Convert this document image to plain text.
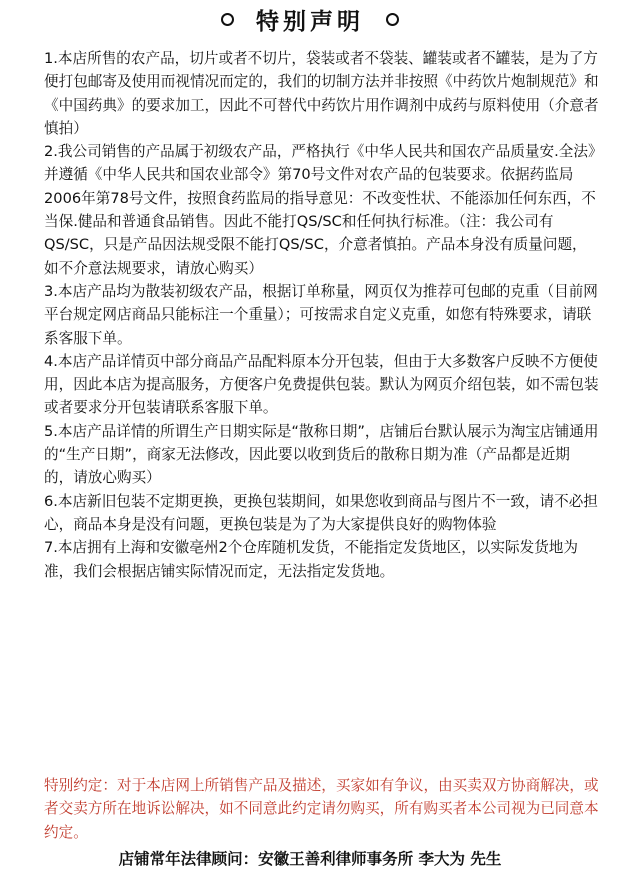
特别声明

1.本店所售的农产品，切片或者不切片，袋装或者不袋装、罐装或者不罐装，是为了方便打包邮寄及使用而视情况而定的，我们的切制方法并非按照《中药饮片炮制规范》和《中国药典》的要求加工，因此不可替代中药饮片用作调剂中成药与原料使用（介意者慎拍）

2.我公司销售的产品属于初级农产品，严格执行《中华人民共和国农产品质量安.全法》并遵循《中华人民共和国农业部令》第70号文件对农产品的包装要求。依据药监局2006年第78号文件，按照食药监局的指导意见：不改变性状、不能添加任何东西，不当保.健品和普通食品销售。因此不能打QS/SC和任何执行标准。（注：我公司有QS/SC，只是产品因法规受限不能打QS/SC，介意者慎拍。产品本身没有质量问题，如不介意法规要求，请放心购买）

3.本店产品均为散装初级农产品，根据订单称量，网页仅为推荐可包邮的克重（目前网平台规定网店商品只能标注一个重量）；可按需求自定义克重，如您有特殊要求，请联系客服下单。

4.本店产品详情页中部分商品产品配料原本分开包装，但由于大多数客户反映不方便使用，因此本店为提高服务，方便客户免费提供包装。默认为网页介绍包装，如不需包装或者要求分开包装请联系客服下单。

5.本店产品详情的所谓生产日期实际是“散称日期”，店铺后台默认展示为淘宝店铺通用的“生产日期”，商家无法修改，因此要以收到货后的散称日期为准（产品都是近期的，请放心购买）

6.本店新旧包装不定期更换，更换包装期间，如果您收到商品与图片不一致，请不必担心，商品本身是没有问题，更换包装是为了为大家提供良好的购物体验

7.本店拥有上海和安徽亳州2个仓库随机发货，不能指定发货地区，以实际发货地为准，我们会根据店铺实际情况而定，无法指定发货地。

特别约定：对于本店网上所销售产品及描述，买家如有争议，由买卖双方协商解决，或者交卖方所在地诉讼解决，如不同意此约定请勿购买，所有购买者本公司视为已同意本约定。
店铺常年法律顾问：安徽王善利律师事务所 李大为 先生
